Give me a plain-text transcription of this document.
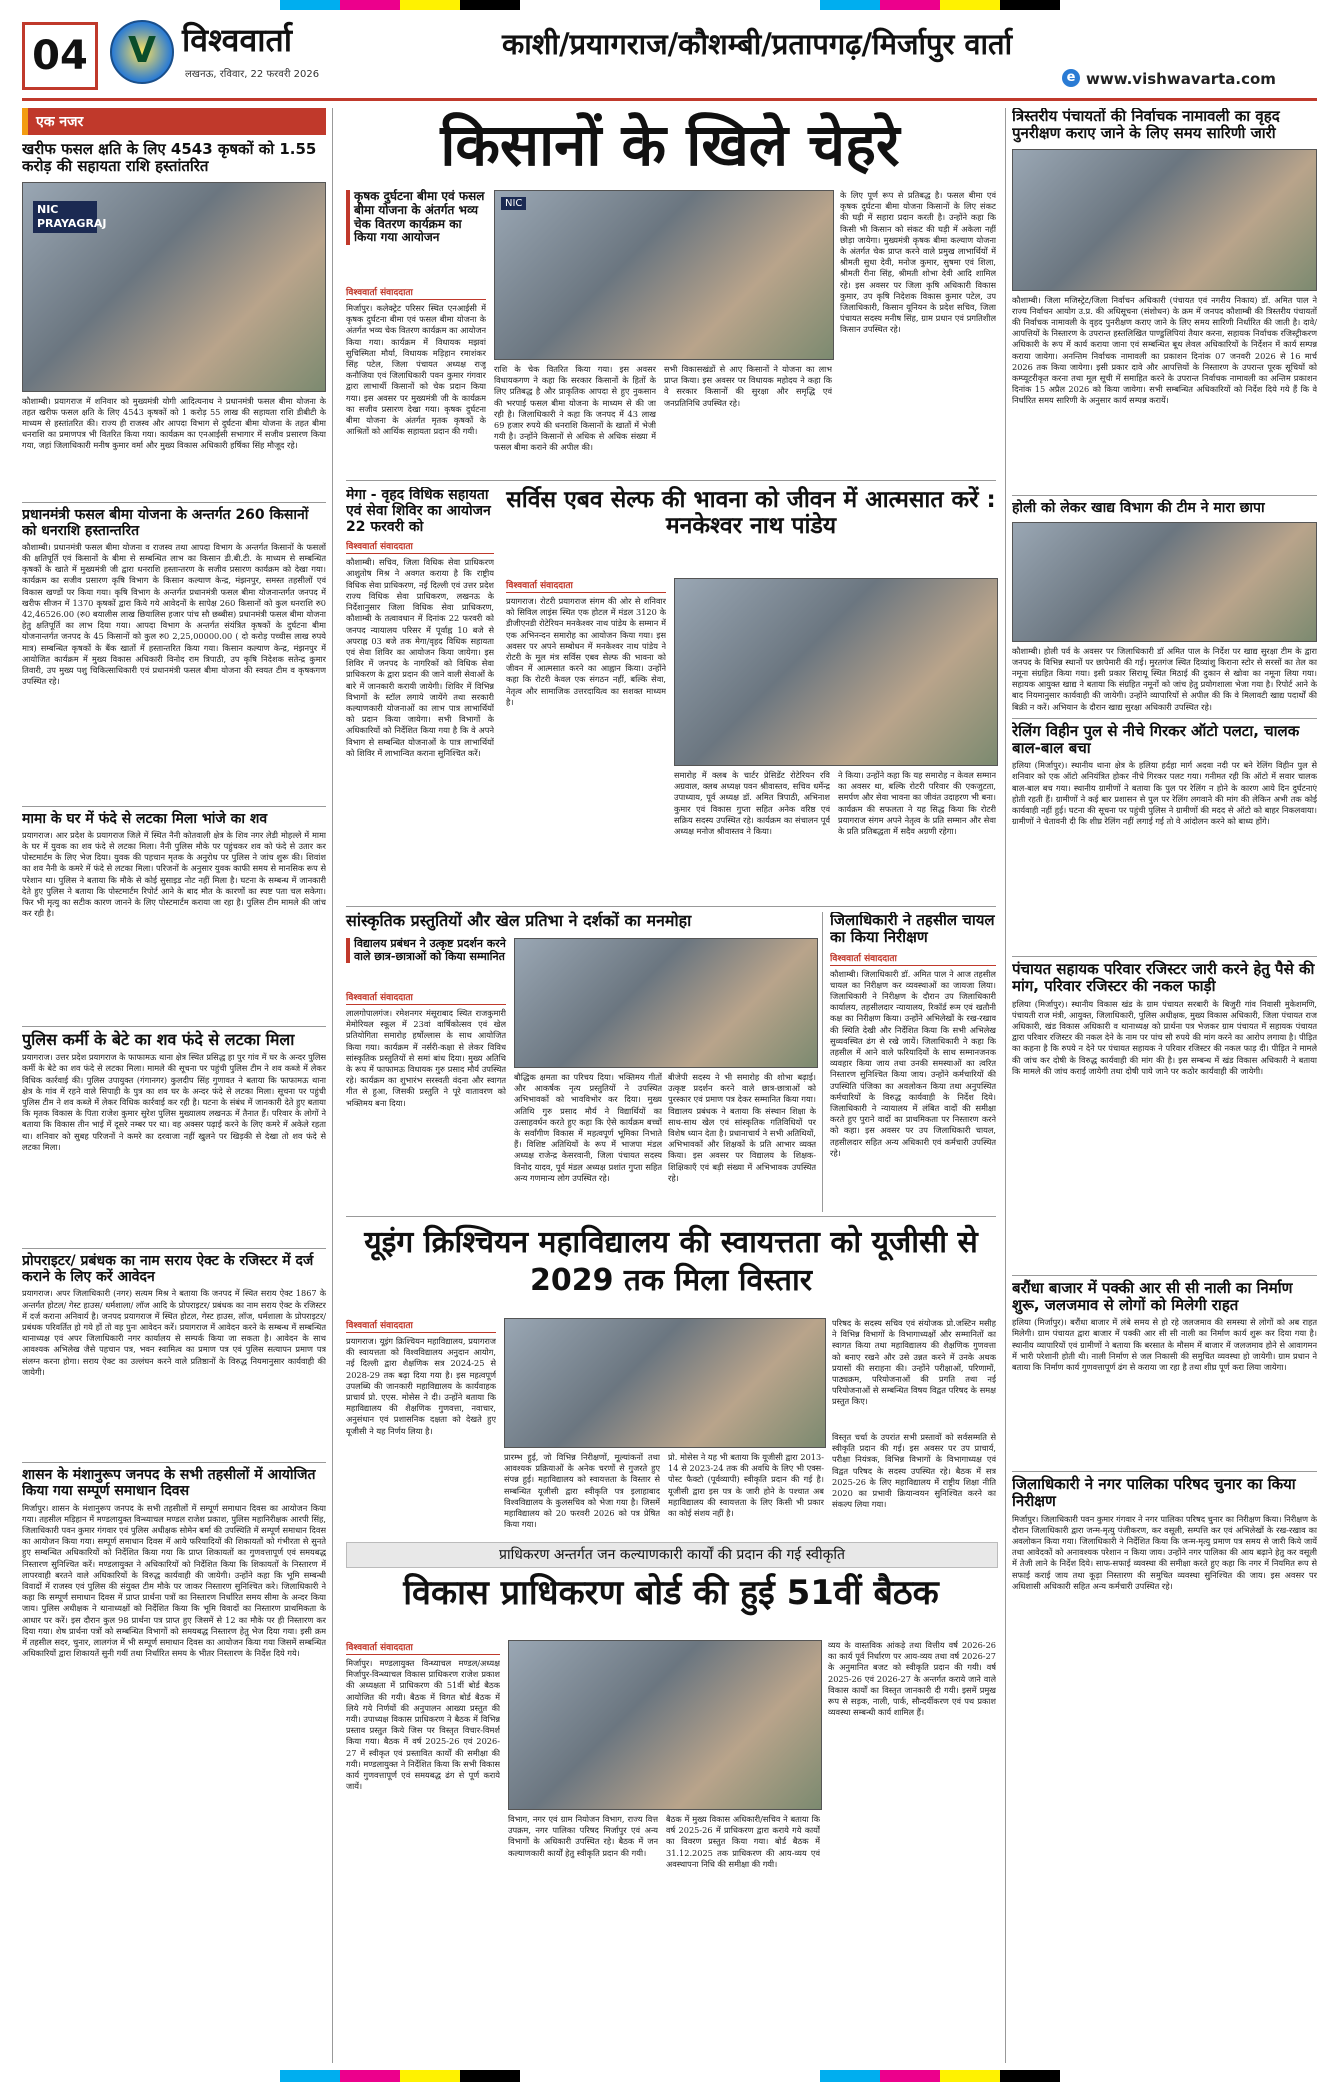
04	V विश्ववार्ता
लखनऊ, रविवार, 22 फरवरी 2026
काशी/प्रयागराज/कौशम्बी/प्रतापगढ़/मिर्जापुर वार्ता
e www.vishwavarta.com
एक नजर
खरीफ फसल क्षति के लिए 4543 कृषकों को 1.55 करोड़ की सहायता राशि हस्तांतरित
NIC PRAYAGRAJ
कौशाम्बी। प्रयागराज में शनिवार को मुख्यमंत्री योगी आदित्यनाथ ने प्रधानमंत्री फसल बीमा योजना के तहत खरीफ फसल क्षति के लिए 4543 कृषकों को 1 करोड़ 55 लाख की सहायता राशि डीबीटी के माध्यम से हस्तांतरित की। राज्य ही राजस्व और आपदा विभाग से दुर्घटना बीमा योजना के तहत बीमा धनराशि का प्रमाणपत्र भी वितरित किया गया। कार्यक्रम का एनआईसी सभागार में सजीव प्रसारण किया गया, जहां जिलाधिकारी मनीष कुमार वर्मा और मुख्य विकास अधिकारी हर्षिका सिंह मौजूद रहे।
प्रधानमंत्री फसल बीमा योजना के अन्तर्गत 260 किसानों को धनराशि हस्तान्तरित
कौशाम्बी। प्रधानमंत्री फसल बीमा योजना व राजस्व तथा आपदा विभाग के अन्तर्गत किसानों के फसलों की क्षतिपूर्ति एवं किसानों के बीमा से सम्बन्धित लाभ का किसान डी.बी.टी. के माध्यम से सम्बन्धित कृषकों के खाते में मुख्यमंत्री जी द्वारा धनराशि हस्तान्तरण के सजीव प्रसारण कार्यक्रम को देखा गया। कार्यक्रम का सजीव प्रसारण कृषि विभाग के किसान कल्याण केन्द्र, मंझनपुर, समस्त तहसीलों एवं विकास खण्डों पर किया गया। कृषि विभाग के अन्तर्गत प्रधानमंत्री फसल बीमा योजनान्तर्गत जनपद में खरीफ सीजन में 1370 कृषकों द्वारा किये गये आवेदनों के सापेक्ष 260 किसानों को कुल धनराशि रु0 42,46526.00 (रु0 बयालीस लाख छियालिस हजार पांच सौ छब्बीस) प्रधानमंत्री फसल बीमा योजना हेतु क्षतिपूर्ति का लाभ दिया गया। आपदा विभाग के अन्तर्गत संयंत्रित कृषकों के दुर्घटना बीमा योजनान्तर्गत जनपद के 45 किसानों को कुल रु0 2,25,00000.00 ( दो करोड़ पच्चीस लाख रुपये मात्र) सम्बन्धित कृषकों के बैंक खातों में हस्तान्तरित किया गया। किसान कल्याण केन्द्र, मंझनपुर में आयोजित कार्यक्रम में मुख्य विकास अधिकारी विनोद राम त्रिपाठी, उप कृषि निदेशक सतेन्द्र कुमार तिवारी, उप मुख्य पशु चिकित्साधिकारी एवं प्रधानमंत्री फसल बीमा योजना की स्वयत टीम व कृषकगण उपस्थित रहे।
मामा के घर में फंदे से लटका मिला भांजे का शव
प्रयागराज। आर प्रदेश के प्रयागराज जिले में स्थित नैनी कोतवाली क्षेत्र के शिव नगर लेडी मोहल्ले में मामा के घर में युवक का शव फंदे से लटका मिला। नैनी पुलिस मौके पर पहुंचकर शव को फंदे से उतार कर पोस्टमार्टम के लिए भेज दिया। युवक की पहचान मृतक के अनुरोध पर पुलिस ने जांच शुरू की। शिवांश का शव नैनी के कमरे में फंदे से लटका मिला। परिजनों के अनुसार युवक काफी समय से मानसिक रूप से परेशान था। पुलिस ने बताया कि मौके से कोई सुसाइड नोट नहीं मिला है। घटना के सम्बन्ध में जानकारी देते हुए पुलिस ने बताया कि पोस्टमार्टम रिपोर्ट आने के बाद मौत के कारणों का स्पष्ट पता चल सकेगा। फिर भी मृत्यु का सटीक कारण जानने के लिए पोस्टमार्टम कराया जा रहा है। पुलिस टीम मामले की जांच कर रही है।
पुलिस कर्मी के बेटे का शव फंदे से लटका मिला
प्रयागराज। उत्तर प्रदेश प्रयागराज के फाफामऊ थाना क्षेत्र स्थित प्रसिद्ध हा पुर गांव में घर के अन्दर पुलिस कर्मी के बेटे का शव फंदे से लटका मिला। मामले की सूचना पर पहुंची पुलिस टीम ने शव कब्जे में लेकर विधिक कार्रवाई की। पुलिस उपायुक्त (गंगानगर) कुलदीप सिंह गुणावत ने बताया कि फाफामऊ थाना क्षेत्र के गांव में रहने वाले सिपाही के पुत्र का शव घर के अन्दर फंदे से लटका मिला। सूचना पर पहुंची पुलिस टीम ने शव कब्जे में लेकर विधिक कार्रवाई कर रही है। घटना के संबंध में जानकारी देते हुए बताया कि मृतक विकास के पिता राजेश कुमार सुरेश पुलिस मुख्यालय लखनऊ में तैनात हैं। परिवार के लोगों ने बताया कि विकास तीन भाई में दूसरे नम्बर पर था। वह अक्सर पढ़ाई करने के लिए कमरे में अकेले रहता था। शनिवार को सुबह परिजनों ने कमरे का दरवाजा नहीं खुलने पर खिड़की से देखा तो शव फंदे से लटका मिला।
प्रोपराइटर/ प्रबंधक का नाम सराय ऐक्ट के रजिस्टर में दर्ज कराने के लिए करें आवेदन
प्रयागराज। अपर जिलाधिकारी (नगर) सत्यम मिश्र ने बताया कि जनपद में स्थित सराय ऐक्ट 1867 के अन्तर्गत होटल/ गेस्ट हाउस/ धर्मशाला/ लॉज आदि के प्रोपराइटर/ प्रबंधक का नाम सराय ऐक्ट के रजिस्टर में दर्ज कराना अनिवार्य है। जनपद प्रयागराज में स्थित होटल, गेस्ट हाउस, लॉज, धर्मशाला के प्रोपराइटर/ प्रबंधक परिवर्तित हो गये हों तो वह पुनः आवेदन करें। प्रयागराज में आवेदन करने के सम्बन्ध में सम्बन्धित थानाध्यक्ष एवं अपर जिलाधिकारी नगर कार्यालय से सम्पर्क किया जा सकता है। आवेदन के साथ आवश्यक अभिलेख जैसे पहचान पत्र, भवन स्वामित्व का प्रमाण पत्र एवं पुलिस सत्यापन प्रमाण पत्र संलग्न करना होगा। सराय ऐक्ट का उल्लंघन करने वाले प्रतिष्ठानों के विरुद्ध नियमानुसार कार्यवाही की जायेगी।
शासन के मंशानुरूप जनपद के सभी तहसीलों में आयोजित किया गया सम्पूर्ण समाधान दिवस
मिर्जापुर। शासन के मंशानुरूप जनपद के सभी तहसीलों में सम्पूर्ण समाधान दिवस का आयोजन किया गया। तहसील मड़िहान में मण्डलायुक्त विन्ध्याचल मण्डल राजेश प्रकाश, पुलिस महानिरीक्षक आरपी सिंह, जिलाधिकारी पवन कुमार गंगवार एवं पुलिस अधीक्षक सोमेन बर्मा की उपस्थिति में सम्पूर्ण समाधान दिवस का आयोजन किया गया। सम्पूर्ण समाधान दिवस में आये फरियादियों की शिकायतों को गंभीरता से सुनते हुए सम्बन्धित अधिकारियों को निर्देशित किया गया कि प्राप्त शिकायतों का गुणवत्तापूर्ण एवं समयबद्ध निस्तारण सुनिश्चित करें। मण्डलायुक्त ने अधिकारियों को निर्देशित किया कि शिकायतों के निस्तारण में लापरवाही बरतने वाले अधिकारियों के विरुद्ध कार्यवाही की जायेगी। उन्होंने कहा कि भूमि सम्बन्धी विवादों में राजस्व एवं पुलिस की संयुक्त टीम मौके पर जाकर निस्तारण सुनिश्चित करे। जिलाधिकारी ने कहा कि सम्पूर्ण समाधान दिवस में प्राप्त प्रार्थना पत्रों का निस्तारण निर्धारित समय सीमा के अन्दर किया जाय। पुलिस अधीक्षक ने थानाध्यक्षों को निर्देशित किया कि भूमि विवादों का निस्तारण प्राथमिकता के आधार पर करें। इस दौरान कुल 98 प्रार्थना पत्र प्राप्त हुए जिसमें से 12 का मौके पर ही निस्तारण कर दिया गया। शेष प्रार्थना पत्रों को सम्बन्धित विभागों को समयबद्ध निस्तारण हेतु भेज दिया गया। इसी क्रम में तहसील सदर, चुनार, लालगंज में भी सम्पूर्ण समाधान दिवस का आयोजन किया गया जिसमें सम्बन्धित अधिकारियों द्वारा शिकायतें सुनी गयीं तथा निर्धारित समय के भीतर निस्तारण के निर्देश दिये गये।
किसानों के खिले चेहरे
कृषक दुर्घटना बीमा एवं फसल बीमा योजना के अंतर्गत भव्य चेक वितरण कार्यक्रम का किया गया आयोजन
NIC
विश्ववार्ता संवाददाता
मिर्जापुर। कलेक्ट्रेट परिसर स्थित एनआईसी में कृषक दुर्घटना बीमा एवं फसल बीमा योजना के अंतर्गत भव्य चेक वितरण कार्यक्रम का आयोजन किया गया। कार्यक्रम में विधायक मझवां सुचिस्मिता मौर्या, विधायक मड़िहान रमाशंकर सिंह पटेल, जिला पंचायत अध्यक्ष राजू कनौजिया एवं जिलाधिकारी पवन कुमार गंगवार द्वारा लाभार्थी किसानों को चेक प्रदान किया गया। इस अवसर पर मुख्यमंत्री जी के कार्यक्रम का सजीव प्रसारण देखा गया। कृषक दुर्घटना बीमा योजना के अंतर्गत मृतक कृषकों के आश्रितों को आर्थिक सहायता प्रदान की गयी।
राशि के चेक वितरित किया गया। इस अवसर विधायकगण ने कहा कि सरकार किसानों के हितों के लिए प्रतिबद्ध है और प्राकृतिक आपदा से हुए नुकसान की भरपाई फसल बीमा योजना के माध्यम से की जा रही है। जिलाधिकारी ने कहा कि जनपद में 43 लाख 69 हजार रुपये की धनराशि किसानों के खातों में भेजी गयी है। उन्होंने किसानों से अधिक से अधिक संख्या में फसल बीमा कराने की अपील की।
सभी विकासखंडों से आए किसानों ने योजना का लाभ प्राप्त किया। इस अवसर पर विधायक महोदय ने कहा कि वे सरकार किसानों की सुरक्षा और समृद्धि एवं जनप्रतिनिधि उपस्थित रहे।
के लिए पूर्ण रूप से प्रतिबद्ध है। फसल बीमा एवं कृषक दुर्घटना बीमा योजना किसानों के लिए संकट की घड़ी में सहारा प्रदान करती है। उन्होंने कहा कि किसी भी किसान को संकट की घड़ी में अकेला नहीं छोड़ा जायेगा। मुख्यमंत्री कृषक बीमा कल्याण योजना के अंतर्गत चेक प्राप्त करने वाले प्रमुख लाभार्थियों में श्रीमती सुधा देवी, मनोज कुमार, सुषमा एवं शिला, श्रीमती रीना सिंह, श्रीमती शोभा देवी आदि शामिल रहे। इस अवसर पर जिला कृषि अधिकारी विकास कुमार, उप कृषि निदेशक विकास कुमार पटेल, उप जिलाधिकारी, किसान यूनियन के प्रदेश सचिव, जिला पंचायत सदस्य मनीष सिंह, ग्राम प्रधान एवं प्रगतिशील किसान उपस्थित रहे।
मेगा - वृहद विधिक सहायता एवं सेवा शिविर का आयोजन 22 फरवरी को
विश्ववार्ता संवाददाता
कौशाम्बी। सचिव, जिला विधिक सेवा प्राधिकरण आशुतोष मिश्र ने अवगत कराया है कि राष्ट्रीय विधिक सेवा प्राधिकरण, नई दिल्ली एवं उत्तर प्रदेश राज्य विधिक सेवा प्राधिकरण, लखनऊ के निर्देशानुसार जिला विधिक सेवा प्राधिकरण, कौशाम्बी के तत्वावधान में दिनांक 22 फरवरी को जनपद न्यायालय परिसर में पूर्वाह्न 10 बजे से अपराह्न 03 बजे तक मेगा/वृहद विधिक सहायता एवं सेवा शिविर का आयोजन किया जायेगा। इस शिविर में जनपद के नागरिकों को विधिक सेवा प्राधिकरण के द्वारा प्रदान की जाने वाली सेवाओं के बारे में जानकारी करायी जायेगी। शिविर में विभिन्न विभागों के स्टॉल लगाये जायेंगे तथा सरकारी कल्याणकारी योजनाओं का लाभ पात्र लाभार्थियों को प्रदान किया जायेगा। सभी विभागों के अधिकारियों को निर्देशित किया गया है कि वे अपने विभाग से सम्बन्धित योजनाओं के पात्र लाभार्थियों को शिविर में लाभान्वित कराना सुनिश्चित करें।
सर्विस एबव सेल्फ की भावना को जीवन में आत्मसात करें : मनकेश्वर नाथ पांडेय
विश्ववार्ता संवाददाता
प्रयागराज। रोटरी प्रयागराज संगम की ओर से शनिवार को सिविल लाइंस स्थित एक होटल में मंडल 3120 के डीजीएनडी रोटेरियन मनकेश्वर नाथ पांडेय के सम्मान में एक अभिनन्दन समारोह का आयोजन किया गया। इस अवसर पर अपने सम्बोधन में मनकेश्वर नाथ पांडेय ने रोटरी के मूल मंत्र सर्विस एबव सेल्फ की भावना को जीवन में आत्मसात करने का आह्वान किया। उन्होंने कहा कि रोटरी केवल एक संगठन नहीं, बल्कि सेवा, नेतृत्व और सामाजिक उत्तरदायित्व का सशक्त माध्यम है।
समारोह में क्लब के चार्टर प्रेसिडेंट रोटेरियन रवि अग्रवाल, क्लब अध्यक्ष पवन श्रीवास्तव, सचिव धर्मेन्द्र उपाध्याय, पूर्व अध्यक्ष डॉ. अमित त्रिपाठी, अभिनाश कुमार एवं विकास गुप्ता सहित अनेक वरिष्ठ एवं सक्रिय सदस्य उपस्थित रहे। कार्यक्रम का संचालन पूर्व अध्यक्ष मनोज श्रीवास्तव ने किया।
ने किया। उन्होंने कहा कि यह समारोह न केवल सम्मान का अवसर था, बल्कि रोटरी परिवार की एकजुटता, समर्पण और सेवा भावना का जीवंत उदाहरण भी बना। कार्यक्रम की सफलता ने यह सिद्ध किया कि रोटरी प्रयागराज संगम अपने नेतृत्व के प्रति सम्मान और सेवा के प्रति प्रतिबद्धता में सदैव अग्रणी रहेगा।
सांस्कृतिक प्रस्तुतियों और खेल प्रतिभा ने दर्शकों का मनमोहा
विद्यालय प्रबंधन ने उत्कृष्ट प्रदर्शन करने वाले छात्र-छात्राओं को किया सम्मानित
विश्ववार्ता संवाददाता
लालगोपालगंज। रमेशनगर मंसूराबाद स्थित राजकुमारी मेमोरियल स्कूल में 23वां वार्षिकोत्सव एवं खेल प्रतियोगिता समारोह हर्षोल्लास के साथ आयोजित किया गया। कार्यक्रम में नर्सरी-कक्षा से लेकर विविध सांस्कृतिक प्रस्तुतियों से समां बांध दिया। मुख्य अतिथि के रूप में फाफामऊ विधायक गुरु प्रसाद मौर्य उपस्थित रहे। कार्यक्रम का शुभारंभ सरस्वती वंदना और स्वागत गीत से हुआ, जिसकी प्रस्तुति ने पूरे वातावरण को भक्तिमय बना दिया।
बौद्धिक क्षमता का परिचय दिया। भक्तिमय गीतों और आकर्षक नृत्य प्रस्तुतियों ने उपस्थित अभिभावकों को भावविभोर कर दिया। मुख्य अतिथि गुरु प्रसाद मौर्य ने विद्यार्थियों का उत्साहवर्धन करते हुए कहा कि ऐसे कार्यक्रम बच्चों के सर्वांगीण विकास में महत्वपूर्ण भूमिका निभाते हैं। विशिष्ट अतिथियों के रूप में भाजपा मंडल अध्यक्ष राजेन्द्र केसरवानी, जिला पंचायत सदस्य विनोद यादव, पूर्व मंडल अध्यक्ष प्रशांत गुप्ता सहित अन्य गणमान्य लोग उपस्थित रहे।
बीजेपी सदस्य ने भी समारोह की शोभा बढ़ाई। उत्कृष्ट प्रदर्शन करने वाले छात्र-छात्राओं को पुरस्कार एवं प्रमाण पत्र देकर सम्मानित किया गया। विद्यालय प्रबंधक ने बताया कि संस्थान शिक्षा के साथ-साथ खेल एवं सांस्कृतिक गतिविधियों पर विशेष ध्यान देता है। प्रधानाचार्य ने सभी अतिथियों, अभिभावकों और शिक्षकों के प्रति आभार व्यक्त किया। इस अवसर पर विद्यालय के शिक्षक-शिक्षिकाएँ एवं बड़ी संख्या में अभिभावक उपस्थित रहे।
जिलाधिकारी ने तहसील चायल का किया निरीक्षण
विश्ववार्ता संवाददाता
कौशाम्बी। जिलाधिकारी डॉ. अमित पाल ने आज तहसील चायल का निरीक्षण कर व्यवस्थाओं का जायजा लिया। जिलाधिकारी ने निरीक्षण के दौरान उप जिलाधिकारी कार्यालय, तहसीलदार न्यायालय, रिकॉर्ड रूम एवं खतौनी कक्ष का निरीक्षण किया। उन्होंने अभिलेखों के रख-रखाव की स्थिति देखी और निर्देशित किया कि सभी अभिलेख सुव्यवस्थित ढंग से रखे जायें। जिलाधिकारी ने कहा कि तहसील में आने वाले फरियादियों के साथ सम्मानजनक व्यवहार किया जाय तथा उनकी समस्याओं का त्वरित निस्तारण सुनिश्चित किया जाय। उन्होंने कर्मचारियों की उपस्थिति पंजिका का अवलोकन किया तथा अनुपस्थित कर्मचारियों के विरुद्ध कार्यवाही के निर्देश दिये। जिलाधिकारी ने न्यायालय में लंबित वादों की समीक्षा करते हुए पुराने वादों का प्राथमिकता पर निस्तारण करने को कहा। इस अवसर पर उप जिलाधिकारी चायल, तहसीलदार सहित अन्य अधिकारी एवं कर्मचारी उपस्थित रहे।
यूइंग क्रिश्चियन महाविद्यालय की स्वायत्तता को यूजीसी से 2029 तक मिला विस्तार
विश्ववार्ता संवाददाता
प्रयागराज। यूइंग क्रिश्चियन महाविद्यालय, प्रयागराज की स्वायत्तता को विश्वविद्यालय अनुदान आयोग, नई दिल्ली द्वारा शैक्षणिक सत्र 2024-25 से 2028-29 तक बढ़ा दिया गया है। इस महत्वपूर्ण उपलब्धि की जानकारी महाविद्यालय के कार्यवाहक प्राचार्य प्रो. एएस. मोसेस ने दी। उन्होंने बताया कि महाविद्यालय की शैक्षणिक गुणवत्ता, नवाचार, अनुसंधान एवं प्रशासनिक दक्षता को देखते हुए यूजीसी ने यह निर्णय लिया है।
प्रारम्भ हुई, जो विभिन्न निरीक्षणों, मूल्यांकनों तथा आवश्यक प्रक्रियाओं के अनेक चरणों से गुजरते हुए संपन्न हुई। महाविद्यालय को स्वायत्तता के विस्तार से सम्बन्धित यूजीसी द्वारा स्वीकृति पत्र इलाहाबाद विश्वविद्यालय के कुलसचिव को भेजा गया है। जिसमें महाविद्यालय को 20 फरवरी 2026 को पत्र प्रेषित किया गया।
प्रो. मोसेस ने यह भी बताया कि यूजीसी द्वारा 2013-14 से 2023-24 तक की अवधि के लिए भी एक्स-पोस्ट फैक्टो (पूर्वव्यापी) स्वीकृति प्रदान की गई है। यूजीसी द्वारा इस पत्र के जारी होने के पश्चात अब महाविद्यालय की स्वायत्तता के लिए किसी भी प्रकार का कोई संशय नहीं है।
परिषद के सदस्य सचिव एवं संयोजक प्रो.जस्टिन मसीह ने विभिन्न विभागों के विभागाध्यक्षों और सम्मानितों का स्वागत किया तथा महाविद्यालय की शैक्षणिक गुणवत्ता को बनाए रखने और उसे उन्नत करने में उनके अथक प्रयासों की सराहना की। उन्होंने परीक्षाओं, परिणामों, पाठ्यक्रम, परियोजनाओं की प्रगति तथा नई परियोजनाओं से सम्बन्धित विषय विद्वत परिषद के समक्ष प्रस्तुत किए।
विस्तृत चर्चा के उपरांत सभी प्रस्तावों को सर्वसम्मति से स्वीकृति प्रदान की गई। इस अवसर पर उप प्राचार्य, परीक्षा नियंत्रक, विभिन्न विभागों के विभागाध्यक्ष एवं विद्वत परिषद के सदस्य उपस्थित रहे। बैठक में सत्र 2025-26 के लिए महाविद्यालय में राष्ट्रीय शिक्षा नीति 2020 का प्रभावी क्रियान्वयन सुनिश्चित करने का संकल्प लिया गया।
प्राधिकरण अन्तर्गत जन कल्याणकारी कार्यों की प्रदान की गई स्वीकृति
विकास प्राधिकरण बोर्ड की हुई 51वीं बैठक
विश्ववार्ता संवाददाता
मिर्जापुर। मण्डलायुक्त विन्ध्याचल मण्डल/अध्यक्ष मिर्जापुर-विन्ध्याचल विकास प्राधिकरण राजेश प्रकाश की अध्यक्षता में प्राधिकरण की 51वीं बोर्ड बैठक आयोजित की गयी। बैठक में विगत बोर्ड बैठक में लिये गये निर्णयों की अनुपालन आख्या प्रस्तुत की गयी। उपाध्यक्ष विकास प्राधिकरण ने बैठक में विभिन्न प्रस्ताव प्रस्तुत किये जिस पर विस्तृत विचार-विमर्श किया गया। बैठक में वर्ष 2025-26 एवं 2026-27 में स्वीकृत एवं प्रस्तावित कार्यों की समीक्षा की गयी। मण्डलायुक्त ने निर्देशित किया कि सभी विकास कार्य गुणवत्तापूर्ण एवं समयबद्ध ढंग से पूर्ण कराये जायें।
विभाग, नगर एवं ग्राम नियोजन विभाग, राज्य वित्त उपक्रम, नगर पालिका परिषद मिर्जापुर एवं अन्य विभागों के अधिकारी उपस्थित रहे। बैठक में जन कल्याणकारी कार्यों हेतु स्वीकृति प्रदान की गयी।
बैठक में मुख्य विकास अधिकारी/सचिव ने बताया कि वर्ष 2025-26 में प्राधिकरण द्वारा कराये गये कार्यों का विवरण प्रस्तुत किया गया। बोर्ड बैठक में 31.12.2025 तक प्राधिकरण की आय-व्यय एवं अवस्थापना निधि की समीक्षा की गयी।
व्यय के वास्तविक आंकड़े तथा वित्तीय वर्ष 2026-26 का कार्य पूर्व निर्धारण पर आय-व्यय तथा वर्ष 2026-27 के अनुमानित बजट को स्वीकृति प्रदान की गयी। वर्ष 2025-26 एवं 2026-27 के अन्तर्गत कराये जाने वाले विकास कार्यों का विस्तृत जानकारी दी गयी। इसमें प्रमुख रूप से सड़क, नाली, पार्क, सौन्दर्यीकरण एवं पथ प्रकाश व्यवस्था सम्बन्धी कार्य शामिल हैं।
त्रिस्तरीय पंचायतों की निर्वाचक नामावली का वृहद पुनरीक्षण कराए जाने के लिए समय सारिणी जारी
कौशाम्बी। जिला मजिस्ट्रेट/जिला निर्वाचन अधिकारी (पंचायत एवं नगरीय निकाय) डॉ. अमित पाल ने राज्य निर्वाचन आयोग उ.प्र. की अधिसूचना (संशोधन) के क्रम में जनपद कौशाम्बी की त्रिस्तरीय पंचायतों की निर्वाचक नामावली के वृहद पुनरीक्षण कराए जाने के लिए समय सारिणी निर्धारित की जाती है। दावे/आपत्तियों के निस्तारण के उपरान्त हस्तलिखित पाण्डुलिपियां तैयार करना, सहायक निर्वाचक रजिस्ट्रीकरण अधिकारी के रूप में कार्य कराया जाना एवं सम्बन्धित बूथ लेवल अधिकारियों के निर्देशन में कार्य सम्पन्न कराया जायेगा। अनन्तिम निर्वाचक नामावली का प्रकाशन दिनांक 07 जनवरी 2026 से 16 मार्च 2026 तक किया जायेगा। इसी प्रकार दावे और आपत्तियों के निस्तारण के उपरान्त पूरक सूचियों को कम्प्यूटरीकृत करना तथा मूल सूची में समाहित करने के उपरान्त निर्वाचक नामावली का अन्तिम प्रकाशन दिनांक 15 अप्रैल 2026 को किया जायेगा। सभी सम्बन्धित अधिकारियों को निर्देश दिये गये हैं कि वे निर्धारित समय सारिणी के अनुसार कार्य सम्पन्न करायें।
होली को लेकर खाद्य विभाग की टीम ने मारा छापा
कौशाम्बी। होली पर्व के अवसर पर जिलाधिकारी डॉ अमित पाल के निर्देश पर खाद्य सुरक्षा टीम के द्वारा जनपद के विभिन्न स्थानों पर छापेमारी की गई। मुरतगंज स्थित दिव्यांशु किराना स्टोर से सरसों का तेल का नमूना संग्रहित किया गया। इसी प्रकार सिराथू स्थित मिठाई की दुकान से खोवा का नमूना लिया गया। सहायक आयुक्त खाद्य ने बताया कि संग्रहित नमूनों को जांच हेतु प्रयोगशाला भेजा गया है। रिपोर्ट आने के बाद नियमानुसार कार्यवाही की जायेगी। उन्होंने व्यापारियों से अपील की कि वे मिलावटी खाद्य पदार्थों की बिक्री न करें। अभियान के दौरान खाद्य सुरक्षा अधिकारी उपस्थित रहे।
रेलिंग विहीन पुल से नीचे गिरकर ऑटो पलटा, चालक बाल-बाल बचा
हलिया (मिर्जापुर)। स्थानीय थाना क्षेत्र के हलिया हर्दहा मार्ग अदवा नदी पर बने रेलिंग विहीन पुल से शनिवार को एक ऑटो अनियंत्रित होकर नीचे गिरकर पलट गया। गनीमत रही कि ऑटो में सवार चालक बाल-बाल बच गया। स्थानीय ग्रामीणों ने बताया कि पुल पर रेलिंग न होने के कारण आये दिन दुर्घटनाएं होती रहती हैं। ग्रामीणों ने कई बार प्रशासन से पुल पर रेलिंग लगवाने की मांग की लेकिन अभी तक कोई कार्यवाही नहीं हुई। घटना की सूचना पर पहुंची पुलिस ने ग्रामीणों की मदद से ऑटो को बाहर निकलवाया। ग्रामीणों ने चेतावनी दी कि शीघ्र रेलिंग नहीं लगाई गई तो वे आंदोलन करने को बाध्य होंगे।
पंचायत सहायक परिवार रजिस्टर जारी करने हेतु पैसे की मांग, परिवार रजिस्टर की नकल फाड़ी
हलिया (मिर्जापुर)। स्थानीय विकास खंड के ग्राम पंचायत सरबारी के बिजुरी गांव निवासी मुकेशमणि, पंचायती राज मंत्री, आयुक्त, जिलाधिकारी, पुलिस अधीक्षक, मुख्य विकास अधिकारी, जिला पंचायत राज अधिकारी, खंड विकास अधिकारी व थानाध्यक्ष को प्रार्थना पत्र भेजकर ग्राम पंचायत में सहायक पंचायत द्वारा परिवार रजिस्टर की नकल देने के नाम पर पांच सौ रुपये की मांग करने का आरोप लगाया है। पीड़ित का कहना है कि रुपये न देने पर पंचायत सहायक ने परिवार रजिस्टर की नकल फाड़ दी। पीड़ित ने मामले की जांच कर दोषी के विरुद्ध कार्यवाही की मांग की है। इस सम्बन्ध में खंड विकास अधिकारी ने बताया कि मामले की जांच कराई जायेगी तथा दोषी पाये जाने पर कठोर कार्यवाही की जायेगी।
बरौंधा बाजार में पक्की आर सी सी नाली का निर्माण शुरू, जलजमाव से लोगों को मिलेगी राहत
हलिया (मिर्जापुर)। बरौंधा बाजार में लंबे समय से हो रहे जलजमाव की समस्या से लोगों को अब राहत मिलेगी। ग्राम पंचायत द्वारा बाजार में पक्की आर सी सी नाली का निर्माण कार्य शुरू कर दिया गया है। स्थानीय व्यापारियों एवं ग्रामीणों ने बताया कि बरसात के मौसम में बाजार में जलजमाव होने से आवागमन में भारी परेशानी होती थी। नाली निर्माण से जल निकासी की समुचित व्यवस्था हो जायेगी। ग्राम प्रधान ने बताया कि निर्माण कार्य गुणवत्तापूर्ण ढंग से कराया जा रहा है तथा शीघ्र पूर्ण करा लिया जायेगा।
जिलाधिकारी ने नगर पालिका परिषद चुनार का किया निरीक्षण
मिर्जापुर। जिलाधिकारी पवन कुमार गंगवार ने नगर पालिका परिषद चुनार का निरीक्षण किया। निरीक्षण के दौरान जिलाधिकारी द्वारा जन्म-मृत्यु पंजीकरण, कर वसूली, सम्पत्ति कर एवं अभिलेखों के रख-रखाव का अवलोकन किया गया। जिलाधिकारी ने निर्देशित किया कि जन्म-मृत्यु प्रमाण पत्र समय से जारी किये जायें तथा आवेदकों को अनावश्यक परेशान न किया जाय। उन्होंने नगर पालिका की आय बढ़ाने हेतु कर वसूली में तेजी लाने के निर्देश दिये। साफ-सफाई व्यवस्था की समीक्षा करते हुए कहा कि नगर में नियमित रूप से सफाई कराई जाय तथा कूड़ा निस्तारण की समुचित व्यवस्था सुनिश्चित की जाय। इस अवसर पर अधिशासी अधिकारी सहित अन्य कर्मचारी उपस्थित रहे।
